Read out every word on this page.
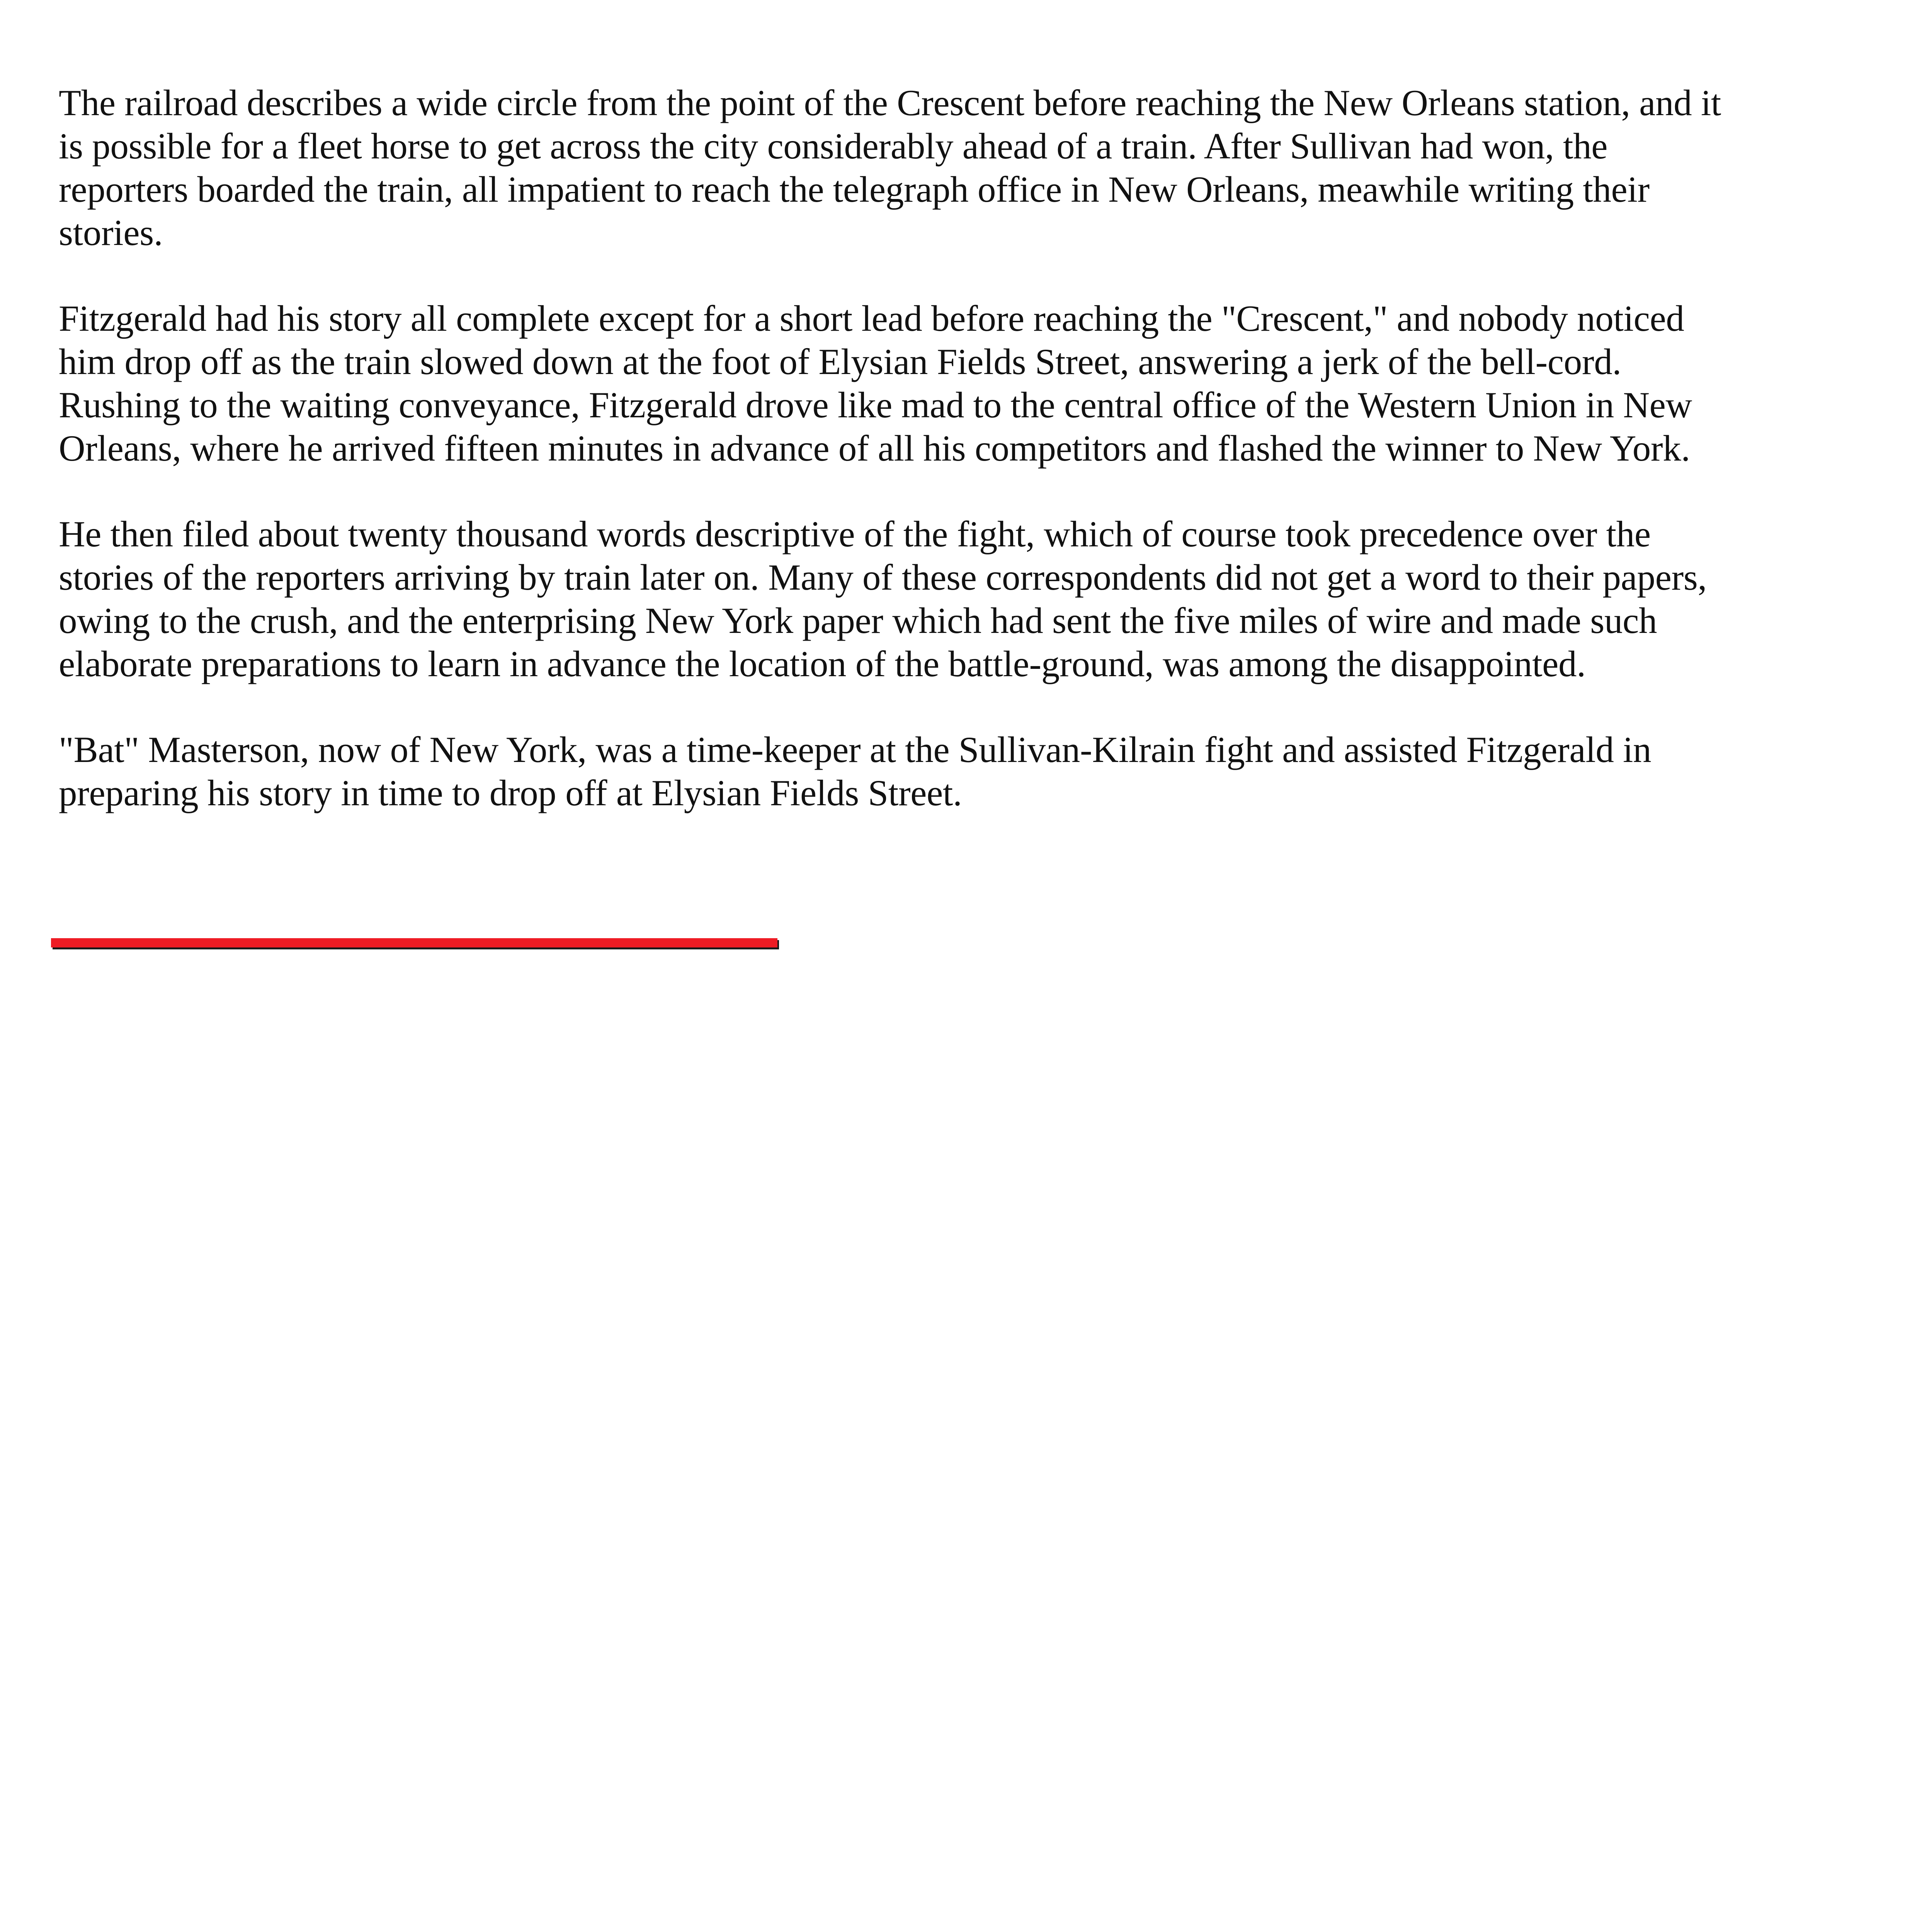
The railroad describes a wide circle from the point of the Crescent before reaching the New Orleans station, and it is possible for a fleet horse to get across the city considerably ahead of a train. After Sullivan had won, the reporters boarded the train, all impatient to reach the telegraph office in New Orleans, meawhile writing their stories.

Fitzgerald had his story all complete except for a short lead before reaching the "Crescent," and nobody noticed him drop off as the train slowed down at the foot of Elysian Fields Street, answering a jerk of the bell-cord. Rushing to the waiting conveyance, Fitzgerald drove like mad to the central office of the Western Union in New Orleans, where he arrived fifteen minutes in advance of all his competitors and flashed the winner to New York.

He then filed about twenty thousand words descriptive of the fight, which of course took precedence over the stories of the reporters arriving by train later on. Many of these correspondents did not get a word to their papers, owing to the crush, and the enterprising New York paper which had sent the five miles of wire and made such elaborate preparations to learn in advance the location of the battle-ground, was among the disappointed.

"Bat" Masterson, now of New York, was a time-keeper at the Sullivan-Kilrain fight and assisted Fitzgerald in preparing his story in time to drop off at Elysian Fields Street.
